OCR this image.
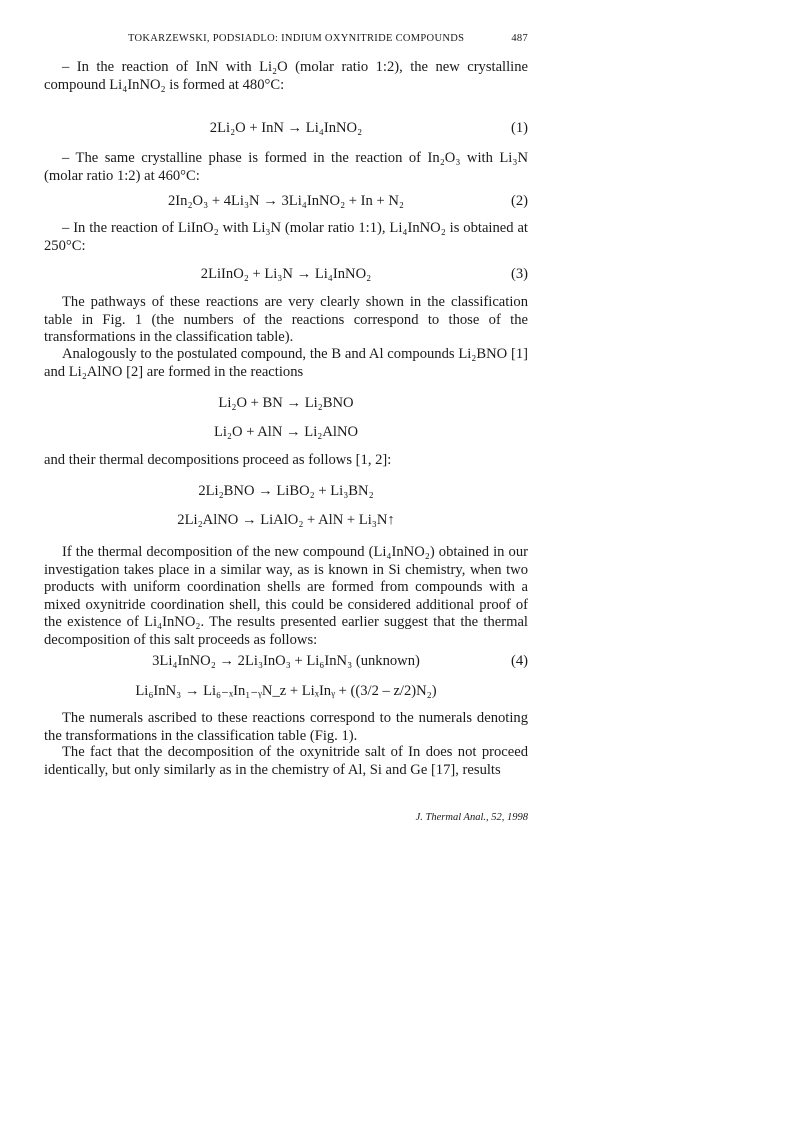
TOKARZEWSKI, PODSIADLO: INDIUM OXYNITRIDE COMPOUNDS	487

– In the reaction of InN with Li₂O (molar ratio 1:2), the new crystalline compound Li₄InNO₂ is formed at 480°C:

2Li₂O + InN → Li₄InNO₂	(1)

– The same crystalline phase is formed in the reaction of In₂O₃ with Li₃N (molar ratio 1:2) at 460°C:

2In₂O₃ + 4Li₃N → 3Li₄InNO₂ + In + N₂	(2)

– In the reaction of LiInO₂ with Li₃N (molar ratio 1:1), Li₄InNO₂ is obtained at 250°C:

2LiInO₂ + Li₃N → Li₄InNO₂	(3)

The pathways of these reactions are very clearly shown in the classification table in Fig. 1 (the numbers of the reactions correspond to those of the transformations in the classification table).

Analogously to the postulated compound, the B and Al compounds Li₂BNO [1] and Li₂AlNO [2] are formed in the reactions

Li₂O + BN → Li₂BNO
Li₂O + AlN → Li₂AlNO

and their thermal decompositions proceed as follows [1, 2]:

2Li₂BNO → LiBO₂ + Li₃BN₂
2Li₂AlNO → LiAlO₂ + AlN + Li₃N↑

If the thermal decomposition of the new compound (Li₄InNO₂) obtained in our investigation takes place in a similar way, as is known in Si chemistry, when two products with uniform coordination shells are formed from compounds with a mixed oxynitride coordination shell, this could be considered additional proof of the existence of Li₄InNO₂. The results presented earlier suggest that the thermal decomposition of this salt proceeds as follows:

3Li₄InNO₂ → 2Li₃InO₃ + Li₆InN₃ (unknown)	(4)
Li₆InN₃ → Li₆₋ₓIn₁₋ᵧN_z + LiₓInᵧ + ((3/2 – z/2)N₂)

The numerals ascribed to these reactions correspond to the numerals denoting the transformations in the classification table (Fig. 1).

The fact that the decomposition of the oxynitride salt of In does not proceed identically, but only similarly as in the chemistry of Al, Si and Ge [17], results

J. Thermal Anal., 52, 1998
